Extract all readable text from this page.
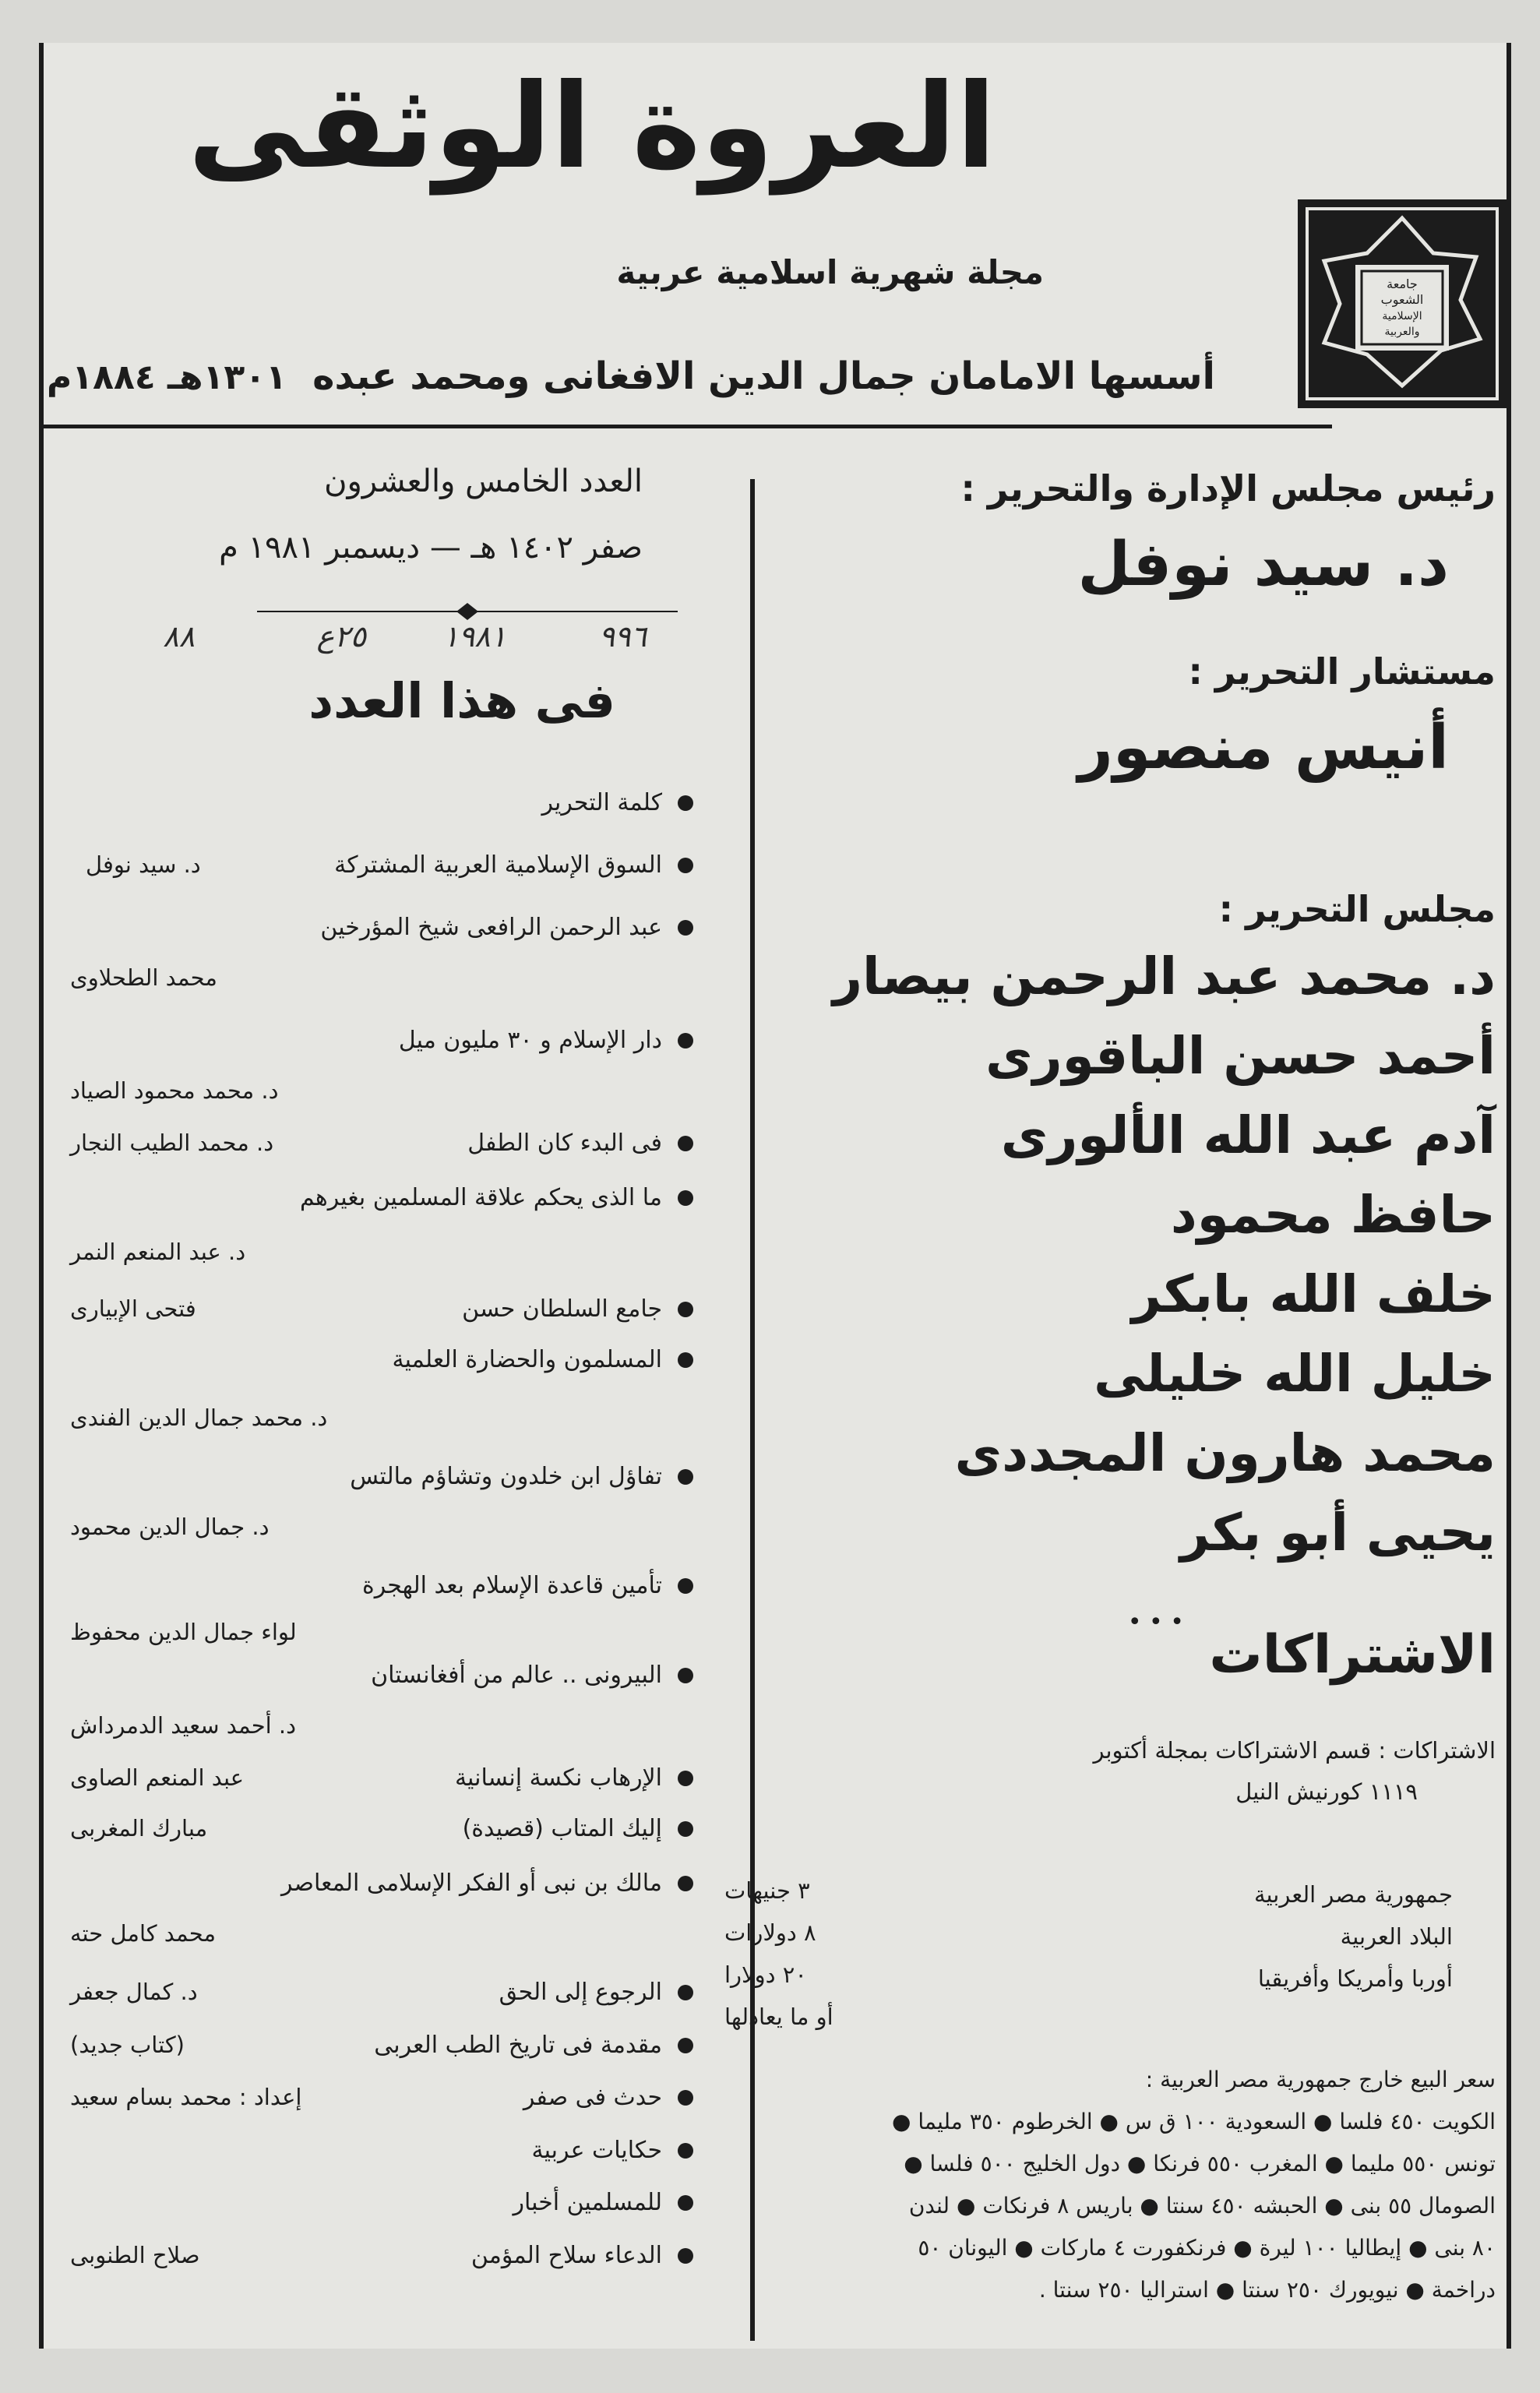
العروة الوثقى
جامعة
الشعوب
الإسلامية
والعربية
مجلة شهرية اسلامية عربية
أسسها الامامان جمال الدين الافغانى ومحمد عبده
١٣٠١هـ ١٨٨٤م
رئيس مجلس الإدارة والتحرير :
د. سيد نوفل
مستشار التحرير :
أنيس منصور
مجلس التحرير :
د. محمد عبد الرحمن بيصار
أحمد حسن الباقورى
آدم عبد الله الألورى
حافظ محمود
خلف الله بابكر
خليل الله خليلى
محمد هارون المجددى
يحيى أبو بكر
• • •
الاشتراكات
الاشتراكات : قسم الاشتراكات بمجلة أكتوبر
١١١٩ كورنيش النيل
جمهورية مصر العربية
٣ جنيهات
البلاد العربية
٨ دولارات
أوربا وأمريكا وأفريقيا
٢٠ دولارا
أو ما يعادلها
سعر البيع خارج جمهورية مصر العربية :
الكويت ٤٥٠ فلسا ● السعودية ١٠٠ ق س ● الخرطوم ٣٥٠ مليما ●
تونس ٥٥٠ مليما ● المغرب ٥٥٠ فرنكا ● دول الخليج ٥٠٠ فلسا ●
الصومال ٥٥ بنى ● الحبشه ٤٥٠ سنتا ● باريس ٨ فرنكات ● لندن
٨٠ بنى ● إيطاليا ١٠٠ ليرة ● فرنكفورت ٤ ماركات ● اليونان ٥٠
دراخمة ● نيويورك ٢٥٠ سنتا ● استراليا ٢٥٠ سنتا .
العدد الخامس والعشرون
صفر ١٤٠٢ هـ — ديسمبر ١٩٨١ م
٩٩٦
١٩٨١
٢٥ع
٨٨
فى هذا العدد
كلمة التحرير
السوق الإسلامية العربية المشتركة
د. سيد نوفل
عبد الرحمن الرافعى شيخ المؤرخين
محمد الطحلاوى
دار الإسلام و ٣٠ مليون ميل
د. محمد محمود الصياد
فى البدء كان الطفل
د. محمد الطيب النجار
ما الذى يحكم علاقة المسلمين بغيرهم
د. عبد المنعم النمر
جامع السلطان حسن
فتحى الإبيارى
المسلمون والحضارة العلمية
د. محمد جمال الدين الفندى
تفاؤل ابن خلدون وتشاؤم مالتس
د. جمال الدين محمود
تأمين قاعدة الإسلام بعد الهجرة
لواء جمال الدين محفوظ
البيرونى .. عالم من أفغانستان
د. أحمد سعيد الدمرداش
الإرهاب نكسة إنسانية
عبد المنعم الصاوى
إليك المتاب (قصيدة)
مبارك المغربى
مالك بن نبى أو الفكر الإسلامى المعاصر
محمد كامل حته
الرجوع إلى الحق
د. كمال جعفر
مقدمة فى تاريخ الطب العربى
(كتاب جديد)
حدث فى صفر
إعداد : محمد بسام سعيد
حكايات عربية
للمسلمين أخبار
الدعاء سلاح المؤمن
صلاح الطنوبى
